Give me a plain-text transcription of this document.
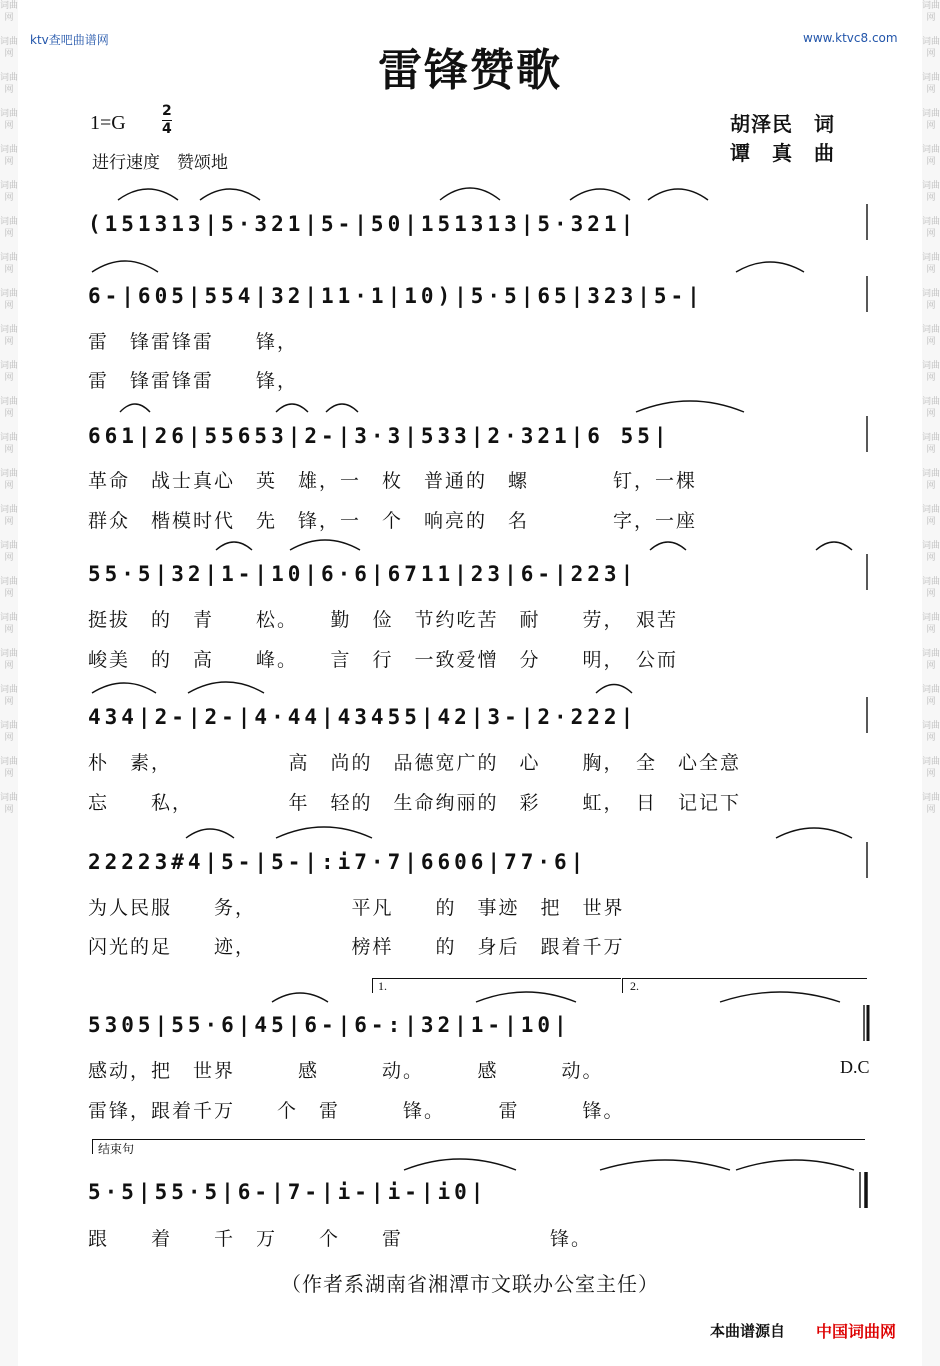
词曲网
词曲网
词曲网
词曲网
词曲网
词曲网
词曲网
词曲网
词曲网
词曲网
词曲网
词曲网
词曲网
词曲网
词曲网
词曲网
词曲网
词曲网
词曲网
词曲网
词曲网
词曲网
词曲网
词曲网
词曲网
词曲网
词曲网
词曲网
词曲网
词曲网
词曲网
词曲网
词曲网
词曲网
词曲网
词曲网
词曲网
词曲网
词曲网
词曲网
词曲网
词曲网
词曲网
词曲网
词曲网
词曲网
ktv查吧曲谱网	www.ktvc8.com
雷锋赞歌
1=G
2
4
进行速度　赞颂地
胡泽民　词
谭　真　曲
(151313|5·321|5-|50|151313|5·321|
6-|605|554|32|11·1|10)|5·5|65|323|5-|
雷　锋雷锋雷　　锋，
雷　锋雷锋雷　　锋，
661|26|55653|2-|3·3|533|2·321|6 55|
革命　战士真心　英　雄，一　枚　普通的　螺　　　　钉，一棵
群众　楷模时代　先　锋，一　个　响亮的　名　　　　字，一座
55·5|32|1-|10|6·6|6711|23|6-|223|
挺拔　的　青　　松。　　勤　俭　节约吃苦　耐　　劳，　艰苦
峻美　的　高　　峰。　　言　行　一致爱憎　分　　明，　公而
434|2-|2-|4·44|43455|42|3-|2·222|
朴　素，　　　　　　高　尚的　品德宽广的　心　　胸，　全　心全意
忘　　私，　　　　　年　轻的　生命绚丽的　彩　　虹，　日　记记下
22223#4|5-|5-|:i7·7|6606|77·6|
为人民服　　务，　　　　　平凡　　的　事迹　把　世界
闪光的足　　迹，　　　　　榜样　　的　身后　跟着千万
1.	2.
5305|55·6|45|6-|6-:|32|1-|10|
感动，把　世界　　　感　　　动。　　　感　　　动。
雷锋，跟着千万　　个　雷　　　锋。　　　雷　　　锋。
D.C
结束句
5·5|55·5|6-|7-|i-|i-|i0|
跟　　着　　千　万　　个　　雷　　　　　　　锋。
（作者系湖南省湘潭市文联办公室主任）
本曲谱源自 中国词曲网
